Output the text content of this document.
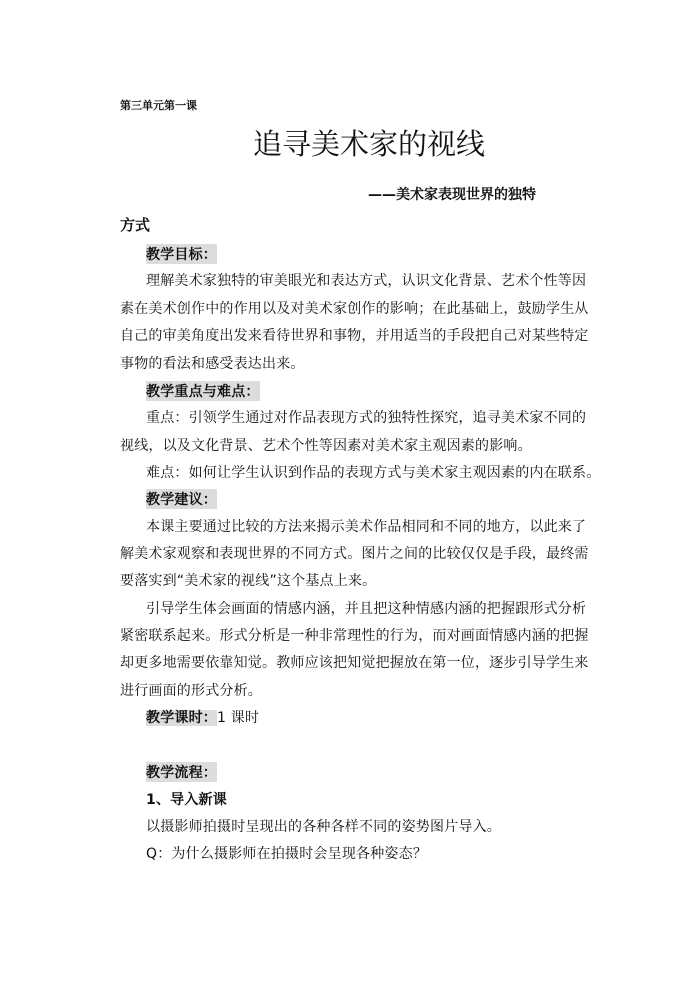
第三单元第一课
追寻美术家的视线
——美术家表现世界的独特
方式
教学目标：
理解美术家独特的审美眼光和表达方式，认识文化背景、艺术个性等因
素在美术创作中的作用以及对美术家创作的影响；在此基础上，鼓励学生从
自己的审美角度出发来看待世界和事物，并用适当的手段把自己对某些特定
事物的看法和感受表达出来。
教学重点与难点：
重点：引领学生通过对作品表现方式的独特性探究，追寻美术家不同的
视线，以及文化背景、艺术个性等因素对美术家主观因素的影响。
难点：如何让学生认识到作品的表现方式与美术家主观因素的内在联系。
教学建议：
本课主要通过比较的方法来揭示美术作品相同和不同的地方，以此来了
解美术家观察和表现世界的不同方式。图片之间的比较仅仅是手段，最终需
要落实到“美术家的视线”这个基点上来。
引导学生体会画面的情感内涵，并且把这种情感内涵的把握跟形式分析
紧密联系起来。形式分析是一种非常理性的行为，而对画面情感内涵的把握
却更多地需要依靠知觉。教师应该把知觉把握放在第一位，逐步引导学生来
进行画面的形式分析。
教学课时：1 课时
教学流程：
1、导入新课
以摄影师拍摄时呈现出的各种各样不同的姿势图片导入。
Q：为什么摄影师在拍摄时会呈现各种姿态？
